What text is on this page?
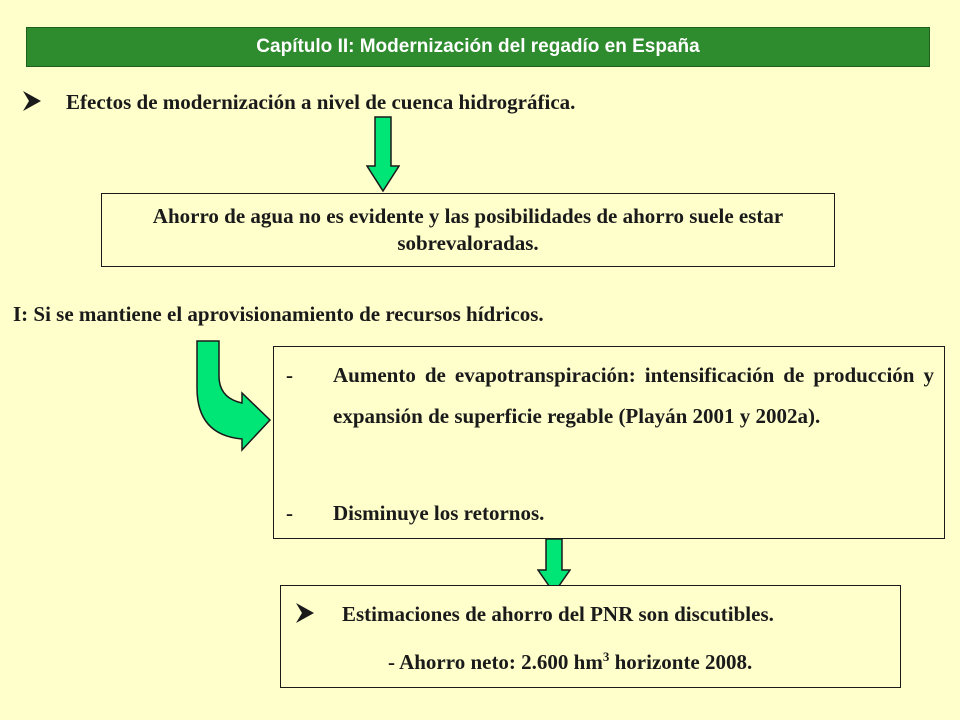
Capítulo II: Modernización del regadío en España
Efectos de modernización a nivel de cuenca hidrográfica.
Ahorro de agua no es evidente y las posibilidades de ahorro suele estar sobrevaloradas.
I: Si se mantiene el aprovisionamiento de recursos hídricos.
- Aumento de evapotranspiración: intensificación de producción y expansión de superficie regable (Playán 2001 y 2002a).
- Disminuye los retornos.
Estimaciones de ahorro del PNR son discutibles.
- Ahorro neto: 2.600 $hm^3$ horizonte 2008.
